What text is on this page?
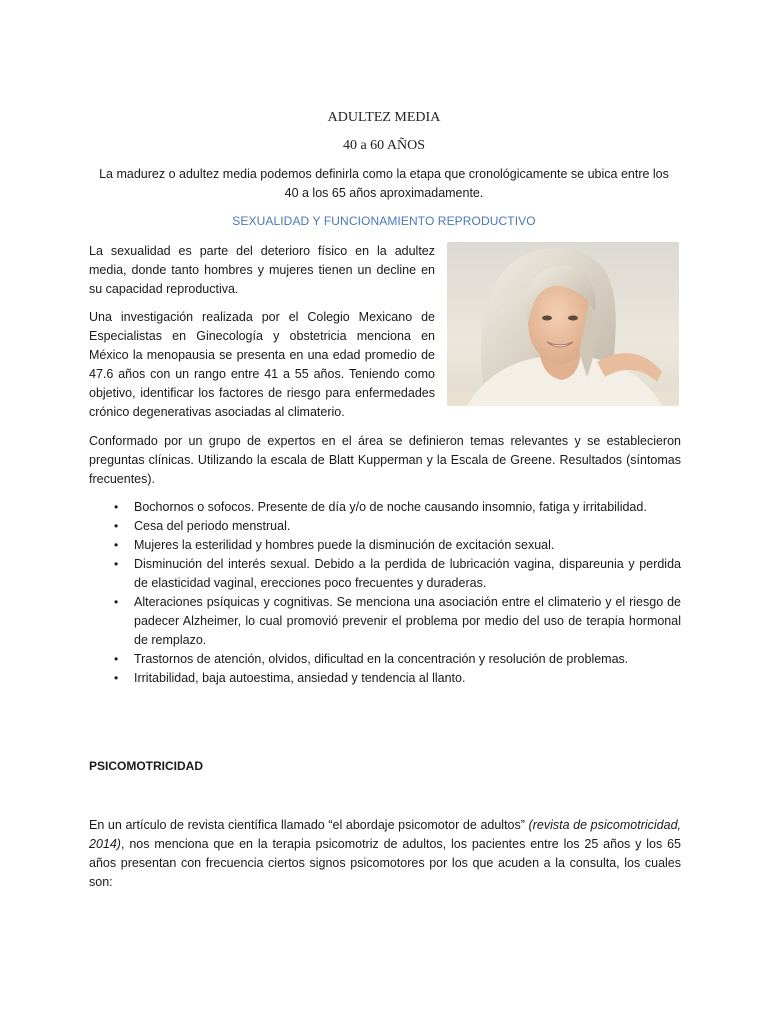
ADULTEZ MEDIA
40 a 60 AÑOS
La madurez o adultez media podemos definirla como la etapa que cronológicamente se ubica entre los
40 a los 65 años aproximadamente.
SEXUALIDAD Y FUNCIONAMIENTO REPRODUCTIVO
La sexualidad es parte del deterioro físico en la adultez media, donde tanto hombres y mujeres tienen un decline en su capacidad reproductiva.
Una investigación realizada por el Colegio Mexicano de Especialistas en Ginecología y obstetricia menciona en México la menopausia se presenta en una edad promedio de 47.6 años con un rango entre 41 a 55 años. Teniendo como objetivo, identificar los factores de riesgo para enfermedades crónico degenerativas asociadas al climaterio.
Conformado por un grupo de expertos en el área se definieron temas relevantes y se establecieron preguntas clínicas. Utilizando la escala de Blatt Kupperman y la Escala de Greene. Resultados (síntomas frecuentes).
• Bochornos o sofocos. Presente de día y/o de noche causando insomnio, fatiga y irritabilidad.
• Cesa del periodo menstrual.
• Mujeres la esterilidad y hombres puede la disminución de excitación sexual.
• Disminución del interés sexual. Debido a la perdida de lubricación vagina, dispareunia y perdida de elasticidad vaginal, erecciones poco frecuentes y duraderas.
• Alteraciones psíquicas y cognitivas. Se menciona una asociación entre el climaterio y el riesgo de padecer Alzheimer, lo cual promovió prevenir el problema por medio del uso de terapia hormonal de remplazo.
• Trastornos de atención, olvidos, dificultad en la concentración y resolución de problemas.
• Irritabilidad, baja autoestima, ansiedad y tendencia al llanto.
PSICOMOTRICIDAD
En un artículo de revista científica llamado “el abordaje psicomotor de adultos” (revista de psicomotricidad, 2014), nos menciona que en la terapia psicomotriz de adultos, los pacientes entre los 25 años y los 65 años presentan con frecuencia ciertos signos psicomotores por los que acuden a la consulta, los cuales son:
